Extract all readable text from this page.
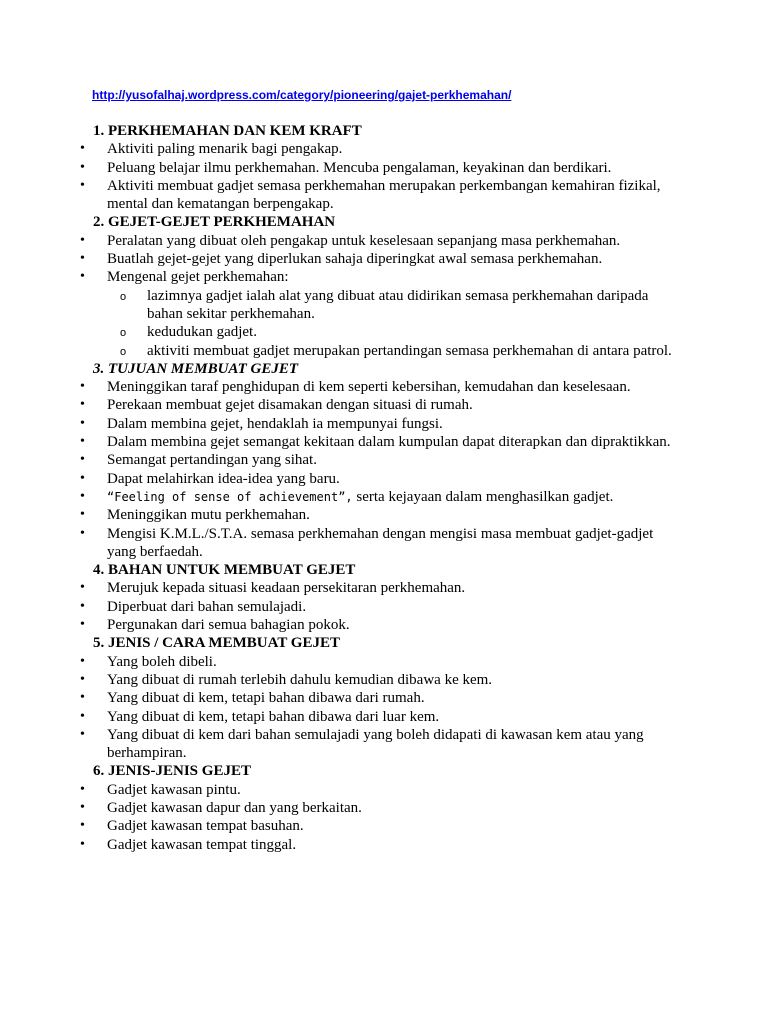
http://yusofalhaj.wordpress.com/category/pioneering/gajet-perkhemahan/
1. PERKHEMAHAN DAN KEM KRAFT
• Aktiviti paling menarik bagi pengakap.
• Peluang belajar ilmu perkhemahan. Mencuba pengalaman, keyakinan dan berdikari.
• Aktiviti membuat gadjet semasa perkhemahan merupakan perkembangan kemahiran fizikal, mental dan kematangan berpengakap.
2. GEJET-GEJET PERKHEMAHAN
• Peralatan yang dibuat oleh pengakap untuk keselesaan sepanjang masa perkhemahan.
• Buatlah gejet-gejet yang diperlukan sahaja diperingkat awal semasa perkhemahan.
• Mengenal gejet perkhemahan:
o lazimnya gadjet ialah alat yang dibuat atau didirikan semasa perkhemahan daripada bahan sekitar perkhemahan.
o kedudukan gadjet.
o aktiviti membuat gadjet merupakan pertandingan semasa perkhemahan di antara patrol.
3. TUJUAN MEMBUAT GEJET
• Meninggikan taraf penghidupan di kem seperti kebersihan, kemudahan dan keselesaan.
• Perekaan membuat gejet disamakan dengan situasi di rumah.
• Dalam membina gejet, hendaklah ia mempunyai fungsi.
• Dalam membina gejet semangat kekitaan dalam kumpulan dapat diterapkan dan dipraktikkan.
• Semangat pertandingan yang sihat.
• Dapat melahirkan idea-idea yang baru.
• “Feeling of sense of achievement”, serta kejayaan dalam menghasilkan gadjet.
• Meninggikan mutu perkhemahan.
• Mengisi K.M.L./S.T.A. semasa perkhemahan dengan mengisi masa membuat gadjet-gadjet yang berfaedah.
4. BAHAN UNTUK MEMBUAT GEJET
• Merujuk kepada situasi keadaan persekitaran perkhemahan.
• Diperbuat dari bahan semulajadi.
• Pergunakan dari semua bahagian pokok.
5. JENIS / CARA MEMBUAT GEJET
• Yang boleh dibeli.
• Yang dibuat di rumah terlebih dahulu kemudian dibawa ke kem.
• Yang dibuat di kem, tetapi bahan dibawa dari rumah.
• Yang dibuat di kem, tetapi bahan dibawa dari luar kem.
• Yang dibuat di kem dari bahan semulajadi yang boleh didapati di kawasan kem atau yang berhampiran.
6. JENIS-JENIS GEJET
• Gadjet kawasan pintu.
• Gadjet kawasan dapur dan yang berkaitan.
• Gadjet kawasan tempat basuhan.
• Gadjet kawasan tempat tinggal.
